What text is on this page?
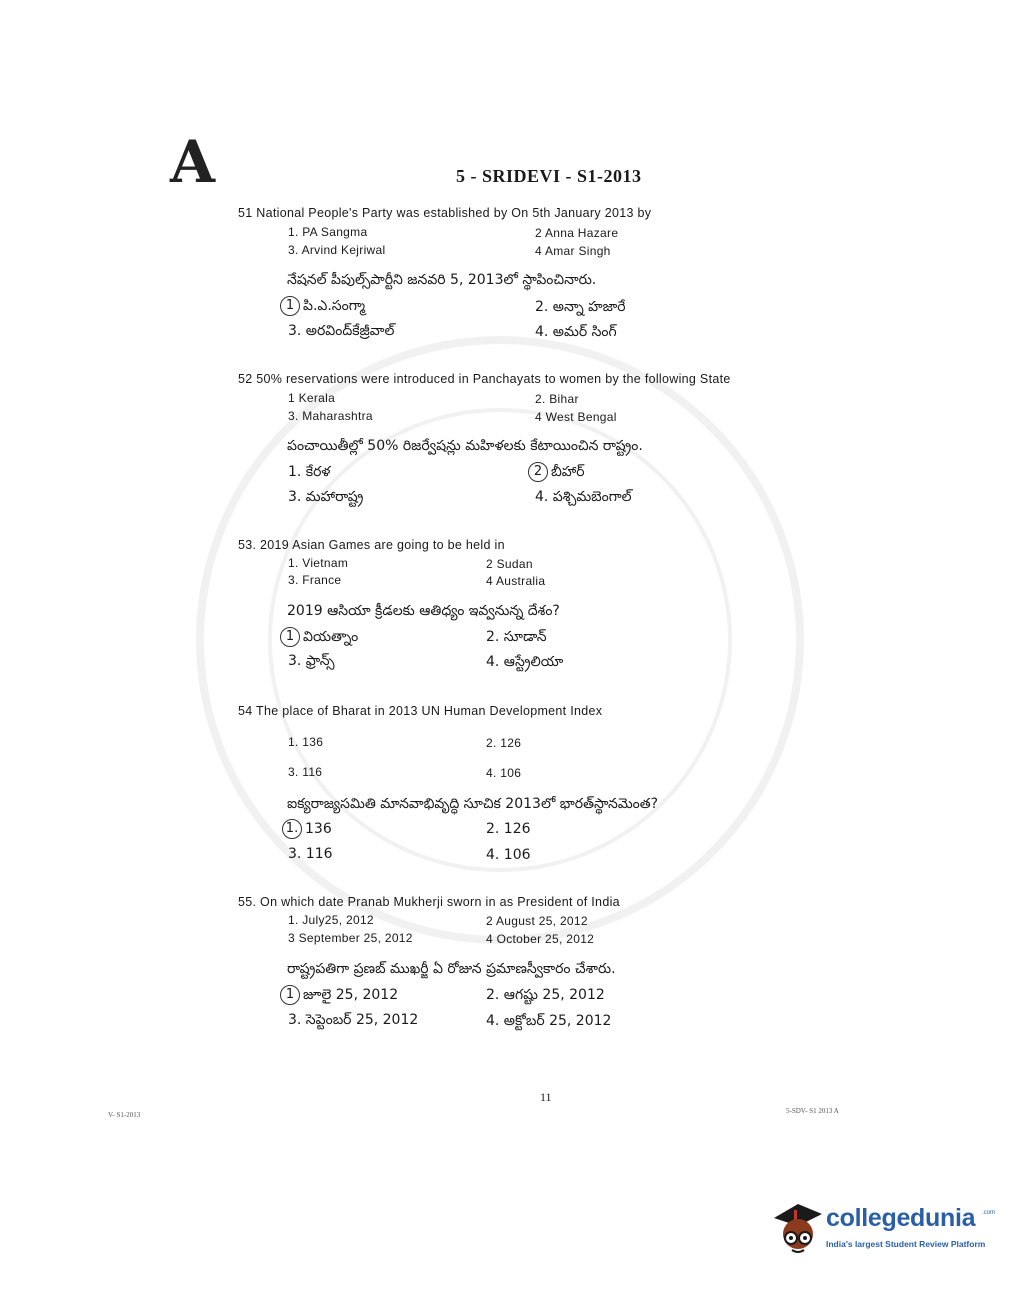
A	5 - SRIDEVI - S1-2013
51 National People's Party was established by On 5th January 2013 by
1. PA Sangma	2 Anna Hazare
3. Arvind Kejriwal	4 Amar Singh
నేషనల్ పీపుల్స్‌పార్టీని జనవరి 5, 2013లో స్థాపించినారు.
1 పి.ఎ.సంగ్మా	2. అన్నా హజారే
3. అరవింద్‌కేజ్రీవాల్	4. అమర్ సింగ్
52 50% reservations were introduced in Panchayats to women by the following State
1 Kerala	2. Bihar
3. Maharashtra	4 West Bengal
పంచాయితీల్లో 50% రిజర్వేషన్లు మహిళలకు కేటాయించిన రాష్ట్రం.
1. కేరళ	2 బీహార్
3. మహారాష్ట్ర	4. పశ్చిమబెంగాల్
53. 2019 Asian Games are going to be held in
1. Vietnam	2 Sudan
3. France	4 Australia
2019 ఆసియా క్రీడలకు ఆతిధ్యం ఇవ్వనున్న దేశం?
1 వియత్నాం	2. సూడాన్
3. ఫ్రాన్స్	4. ఆస్ట్రేలియా
54 The place of Bharat in 2013 UN Human Development Index
1. 136	2. 126
3. 116	4. 106
ఐక్యరాజ్యసమితి మానవాభివృద్ధి సూచిక 2013లో భారత్‌స్థానమెంత?
1. 136	2. 126
3. 116	4. 106
55. On which date Pranab Mukherji sworn in as President of India
1. July25, 2012	2 August 25, 2012
3 September 25, 2012	4 October 25, 2012
రాష్ట్రపతిగా ప్రణబ్ ముఖర్జీ ఏ రోజున ప్రమాణస్వీకారం చేశారు.
1 జూలై 25, 2012	2. ఆగష్టు 25, 2012
3. సెప్టెంబర్ 25, 2012	4. అక్టోబర్ 25, 2012
11
V- S1-2013	5-SDV- S1 2013 A
collegedunia .com
India's largest Student Review Platform
